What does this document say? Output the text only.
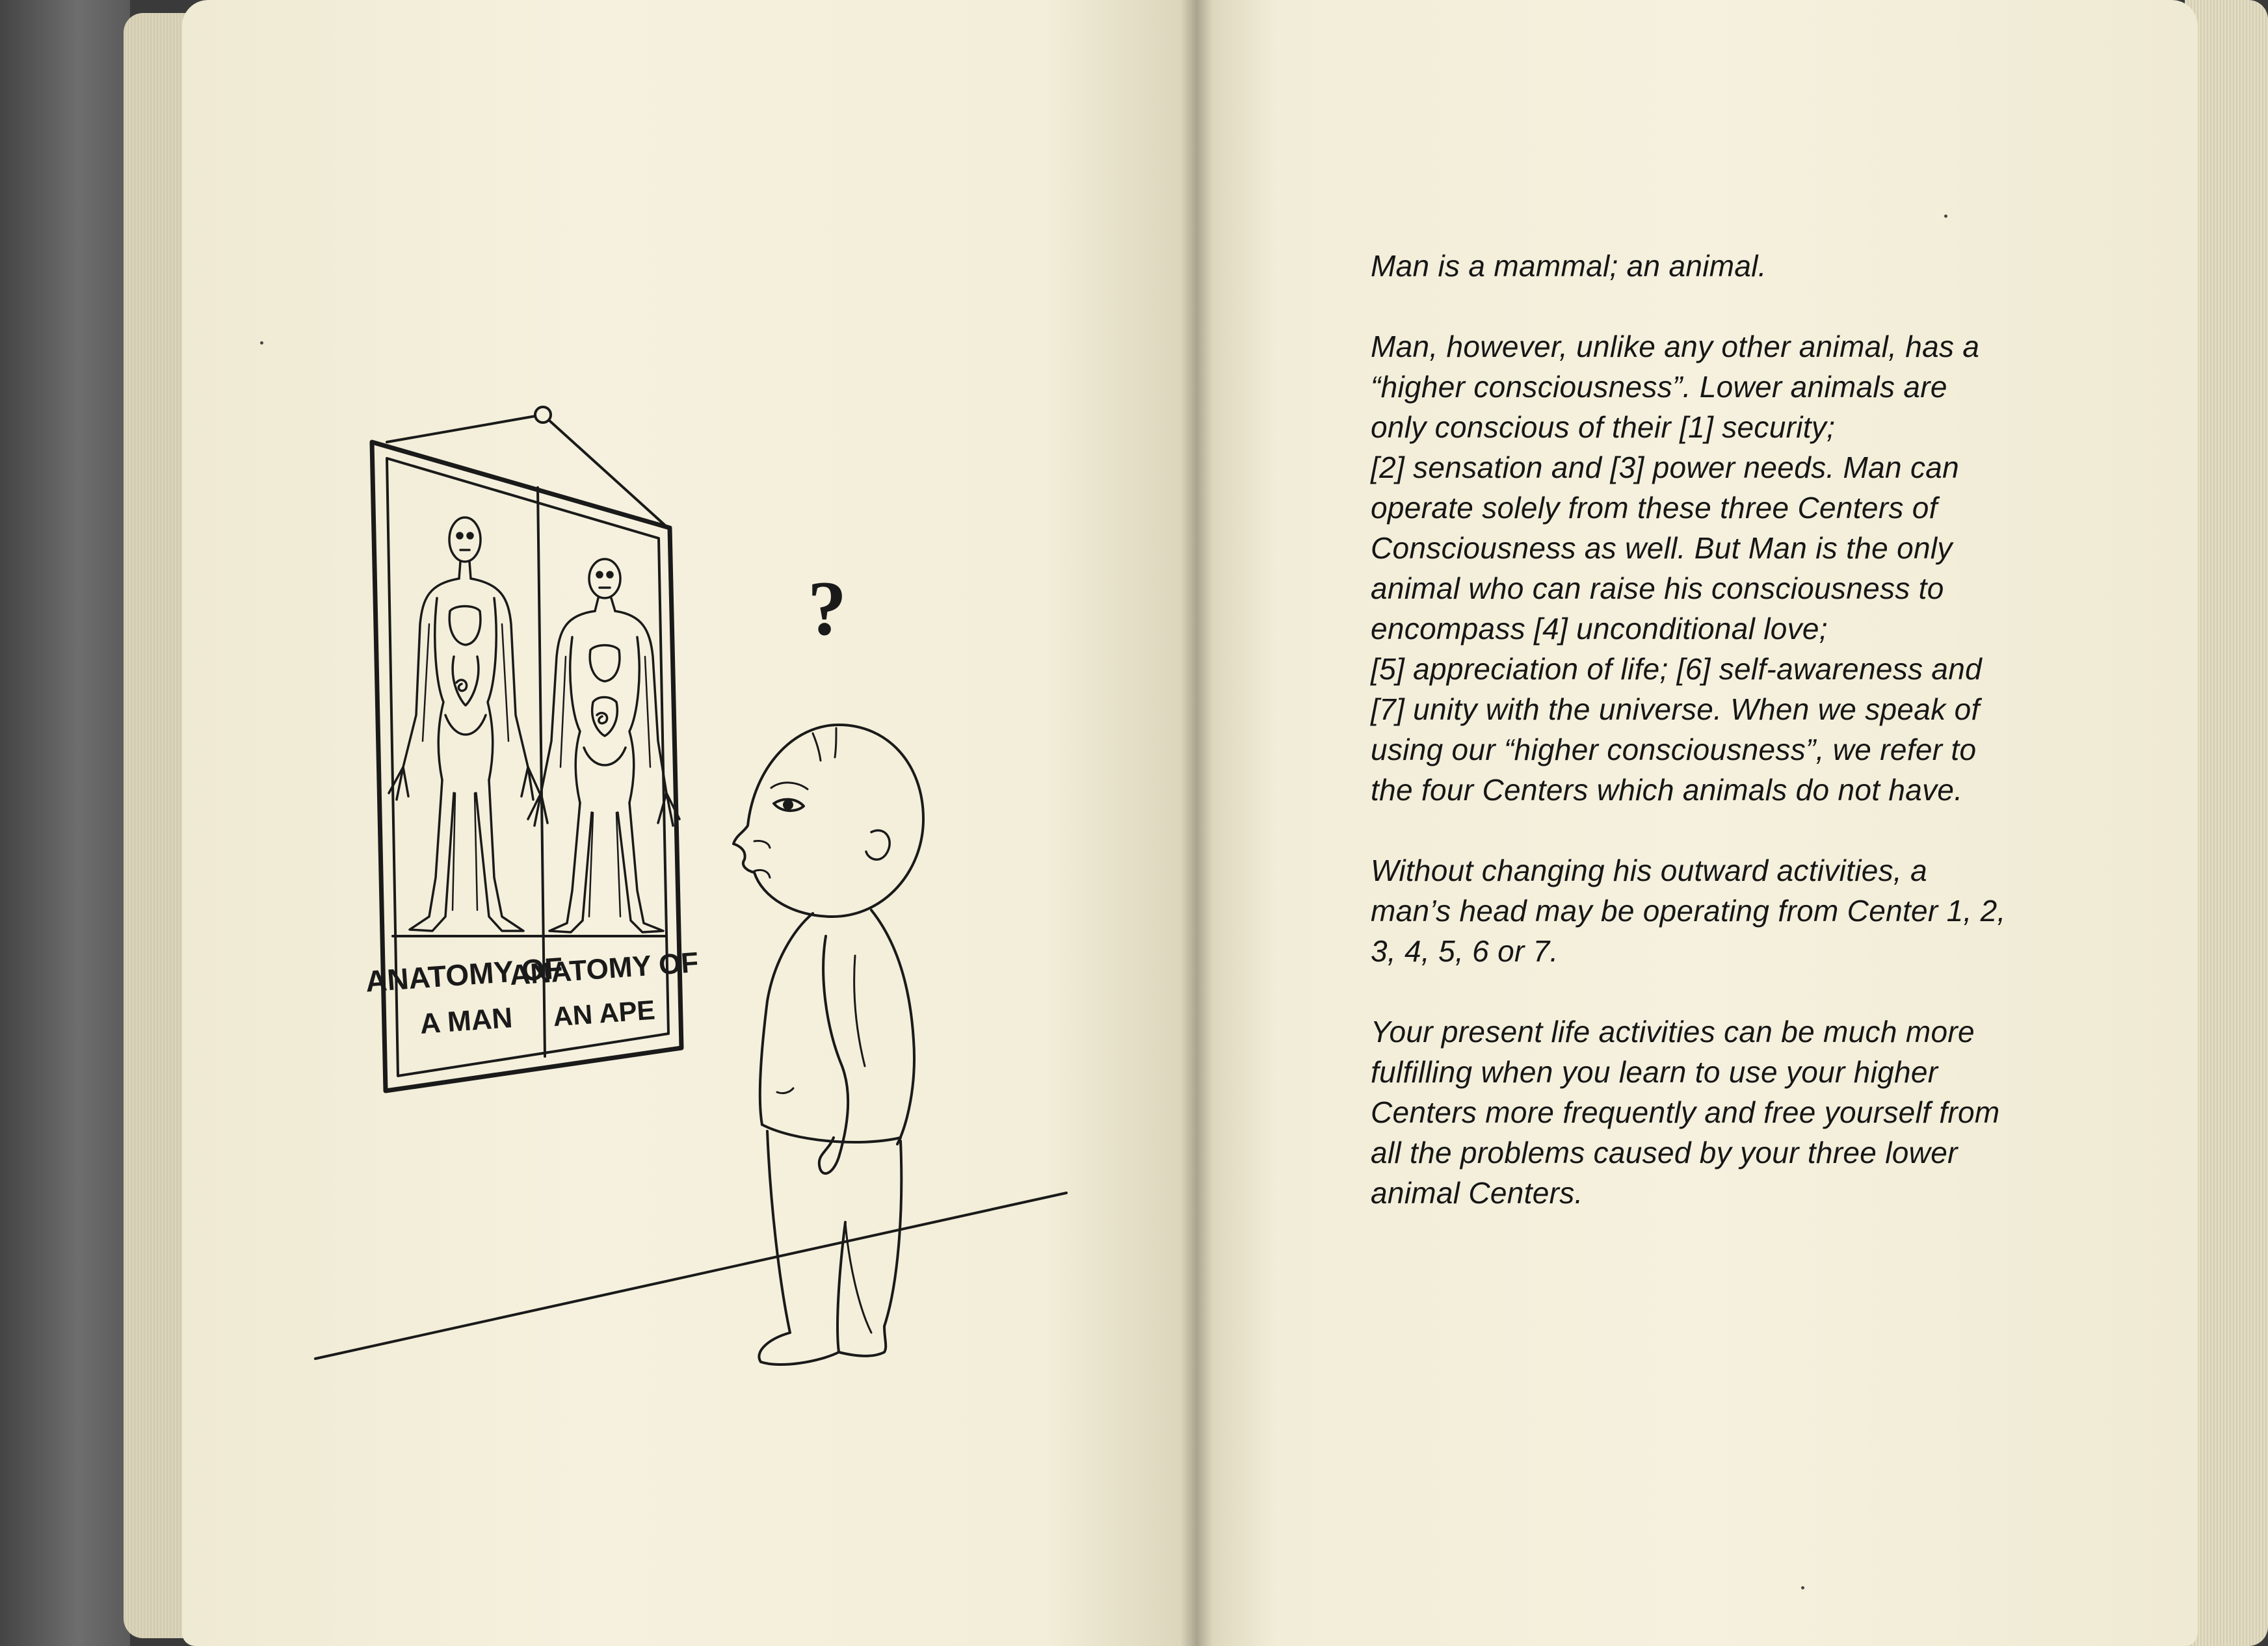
?
ANATOMY OF
A MAN
ANATOMY OF
AN APE

Man is a mammal; an animal.

Man, however, unlike any other animal, has a
“higher consciousness”. Lower animals are
only conscious of their [1] security;
[2] sensation and [3] power needs. Man can
operate solely from these three Centers of
Consciousness as well. But Man is the only
animal who can raise his consciousness to
encompass [4] unconditional love;
[5] appreciation of life; [6] self-awareness and
[7] unity with the universe. When we speak of
using our “higher consciousness”, we refer to
the four Centers which animals do not have.

Without changing his outward activities, a
man’s head may be operating from Center 1, 2,
3, 4, 5, 6 or 7.

Your present life activities can be much more
fulfilling when you learn to use your higher
Centers more frequently and free yourself from
all the problems caused by your three lower
animal Centers.
